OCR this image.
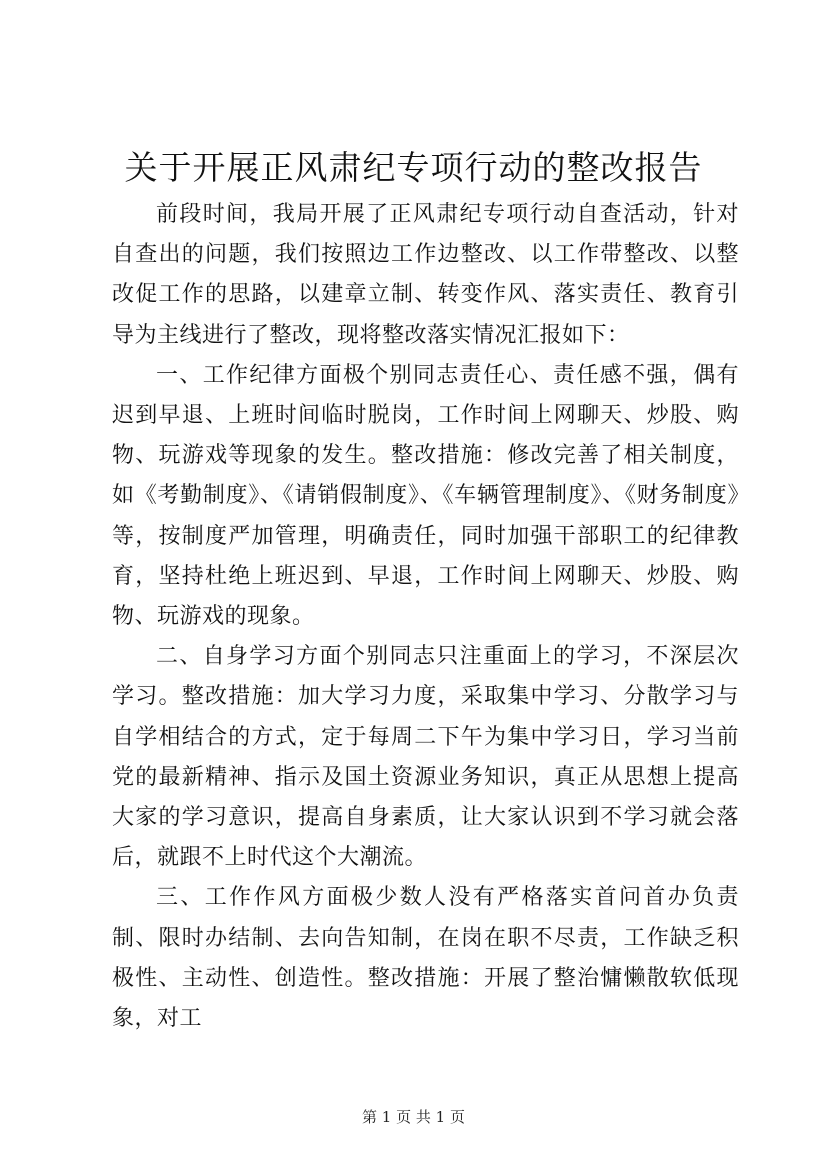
关于开展正风肃纪专项行动的整改报告

前段时间，我局开展了正风肃纪专项行动自查活动，针对自查出的问题，我们按照边工作边整改、以工作带整改、以整改促工作的思路，以建章立制、转变作风、落实责任、教育引导为主线进行了整改，现将整改落实情况汇报如下：

一、工作纪律方面极个别同志责任心、责任感不强，偶有迟到早退、上班时间临时脱岗，工作时间上网聊天、炒股、购物、玩游戏等现象的发生。整改措施：修改完善了相关制度，如《考勤制度》、《请销假制度》、《车辆管理制度》、《财务制度》等，按制度严加管理，明确责任，同时加强干部职工的纪律教育，坚持杜绝上班迟到、早退，工作时间上网聊天、炒股、购物、玩游戏的现象。

二、自身学习方面个别同志只注重面上的学习，不深层次学习。整改措施：加大学习力度，采取集中学习、分散学习与自学相结合的方式，定于每周二下午为集中学习日，学习当前党的最新精神、指示及国土资源业务知识，真正从思想上提高大家的学习意识，提高自身素质，让大家认识到不学习就会落后，就跟不上时代这个大潮流。

三、工作作风方面极少数人没有严格落实首问首办负责制、限时办结制、去向告知制，在岗在职不尽责，工作缺乏积极性、主动性、创造性。整改措施：开展了整治慵懒散软低现象，对工

第 1 页 共 1 页
